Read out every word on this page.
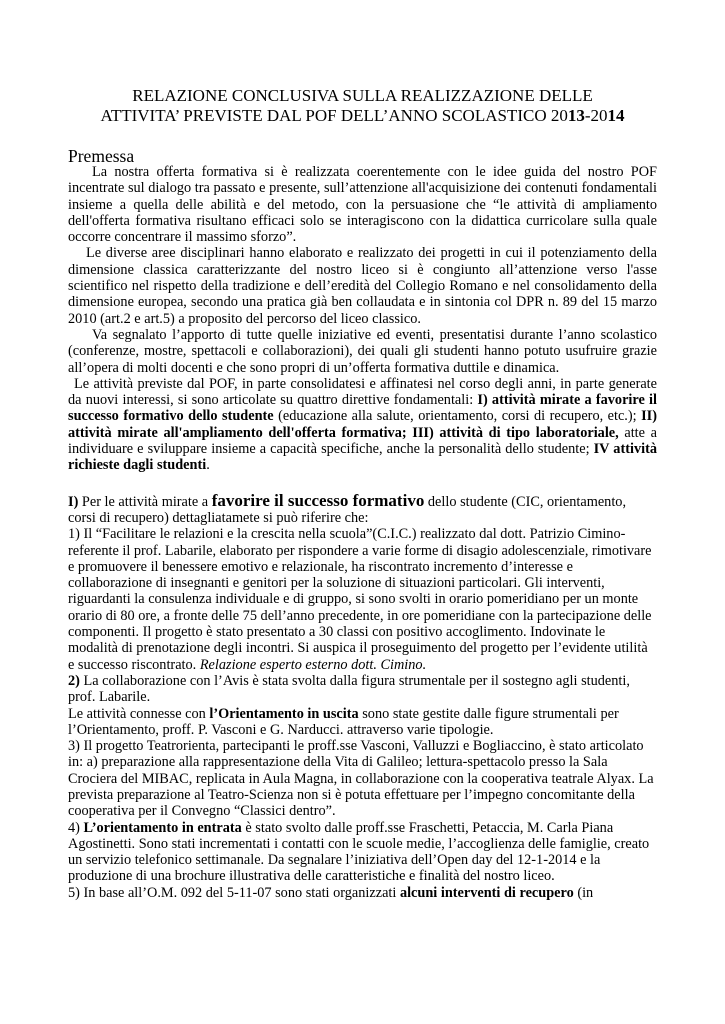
RELAZIONE CONCLUSIVA SULLA REALIZZAZIONE DELLE
ATTIVITA’ PREVISTE DAL POF DELL’ANNO SCOLASTICO 2013-2014
Premessa

La nostra offerta formativa si è realizzata coerentemente con le idee guida del nostro POF incentrate sul dialogo tra passato e presente, sull’attenzione all'acquisizione dei contenuti fondamentali insieme a quella delle abilità e del metodo, con la persuasione che “le attività di ampliamento dell'offerta formativa risultano efficaci solo se interagiscono con la didattica curricolare sulla quale occorre concentrare il massimo sforzo”.

Le diverse aree disciplinari hanno elaborato e realizzato dei progetti in cui il potenziamento della dimensione classica caratterizzante del nostro liceo si è congiunto all’attenzione verso l'asse scientifico nel rispetto della tradizione e dell’eredità del Collegio Romano e nel consolidamento della dimensione europea, secondo una pratica già ben collaudata e in sintonia col DPR n. 89 del 15 marzo 2010 (art.2 e art.5) a proposito del percorso del liceo classico.

Va segnalato l’apporto di tutte quelle iniziative ed eventi, presentatisi durante l’anno scolastico (conferenze, mostre, spettacoli e collaborazioni), dei quali gli studenti hanno potuto usufruire grazie all’opera di molti docenti e che sono propri di un’offerta formativa duttile e dinamica.

Le attività previste dal POF, in parte consolidatesi e affinatesi nel corso degli anni, in parte generate da nuovi interessi, si sono articolate su quattro direttive fondamentali: I) attività mirate a favorire il successo formativo dello studente (educazione alla salute, orientamento, corsi di recupero, etc.); II) attività mirate all'ampliamento dell'offerta formativa; III) attività di tipo laboratoriale, atte a individuare e sviluppare insieme a capacità specifiche, anche la personalità dello studente; IV attività richieste dagli studenti.

I) Per le attività mirate a favorire il successo formativo dello studente (CIC, orientamento, corsi di recupero) dettagliatamete si può riferire che:

1) Il “Facilitare le relazioni e la crescita nella scuola”(C.I.C.) realizzato dal dott. Patrizio Cimino- referente il prof. Labarile, elaborato per rispondere a varie forme di disagio adolescenziale, rimotivare e promuovere il benessere emotivo e relazionale, ha riscontrato incremento d’interesse e collaborazione di insegnanti e genitori per la soluzione di situazioni particolari. Gli interventi, riguardanti la consulenza individuale e di gruppo, si sono svolti in orario pomeridiano per un monte orario di 80 ore, a fronte delle 75 dell’anno precedente, in ore pomeridiane con la partecipazione delle componenti. Il progetto è stato presentato a 30 classi con positivo accoglimento. Indovinate le modalità di prenotazione degli incontri. Si auspica il proseguimento del progetto per l’evidente utilità e successo riscontrato. Relazione esperto esterno dott. Cimino.

2) La collaborazione con l’Avis è stata svolta dalla figura strumentale per il sostegno agli studenti, prof. Labarile.

Le attività connesse con l’Orientamento in uscita sono state gestite dalle figure strumentali per l’Orientamento, proff. P. Vasconi e G. Narducci. attraverso varie tipologie.

3) Il progetto Teatrorienta, partecipanti le proff.sse Vasconi, Valluzzi e Bogliaccino, è stato articolato in: a) preparazione alla rappresentazione della Vita di Galileo; lettura-spettacolo presso la Sala Crociera del MIBAC, replicata in Aula Magna, in collaborazione con la cooperativa teatrale Alyax. La prevista preparazione al Teatro-Scienza non si è potuta effettuare per l’impegno concomitante della cooperativa per il Convegno “Classici dentro”.

4) L’orientamento in entrata è stato svolto dalle proff.sse Fraschetti, Petaccia, M. Carla Piana Agostinetti. Sono stati incrementati i contatti con le scuole medie, l’accoglienza delle famiglie, creato un servizio telefonico settimanale. Da segnalare l’iniziativa dell’Open day del 12-1-2014 e la produzione di una brochure illustrativa delle caratteristiche e finalità del nostro liceo.

5) In base all’O.M. 092 del 5-11-07 sono stati organizzati alcuni interventi di recupero (in
